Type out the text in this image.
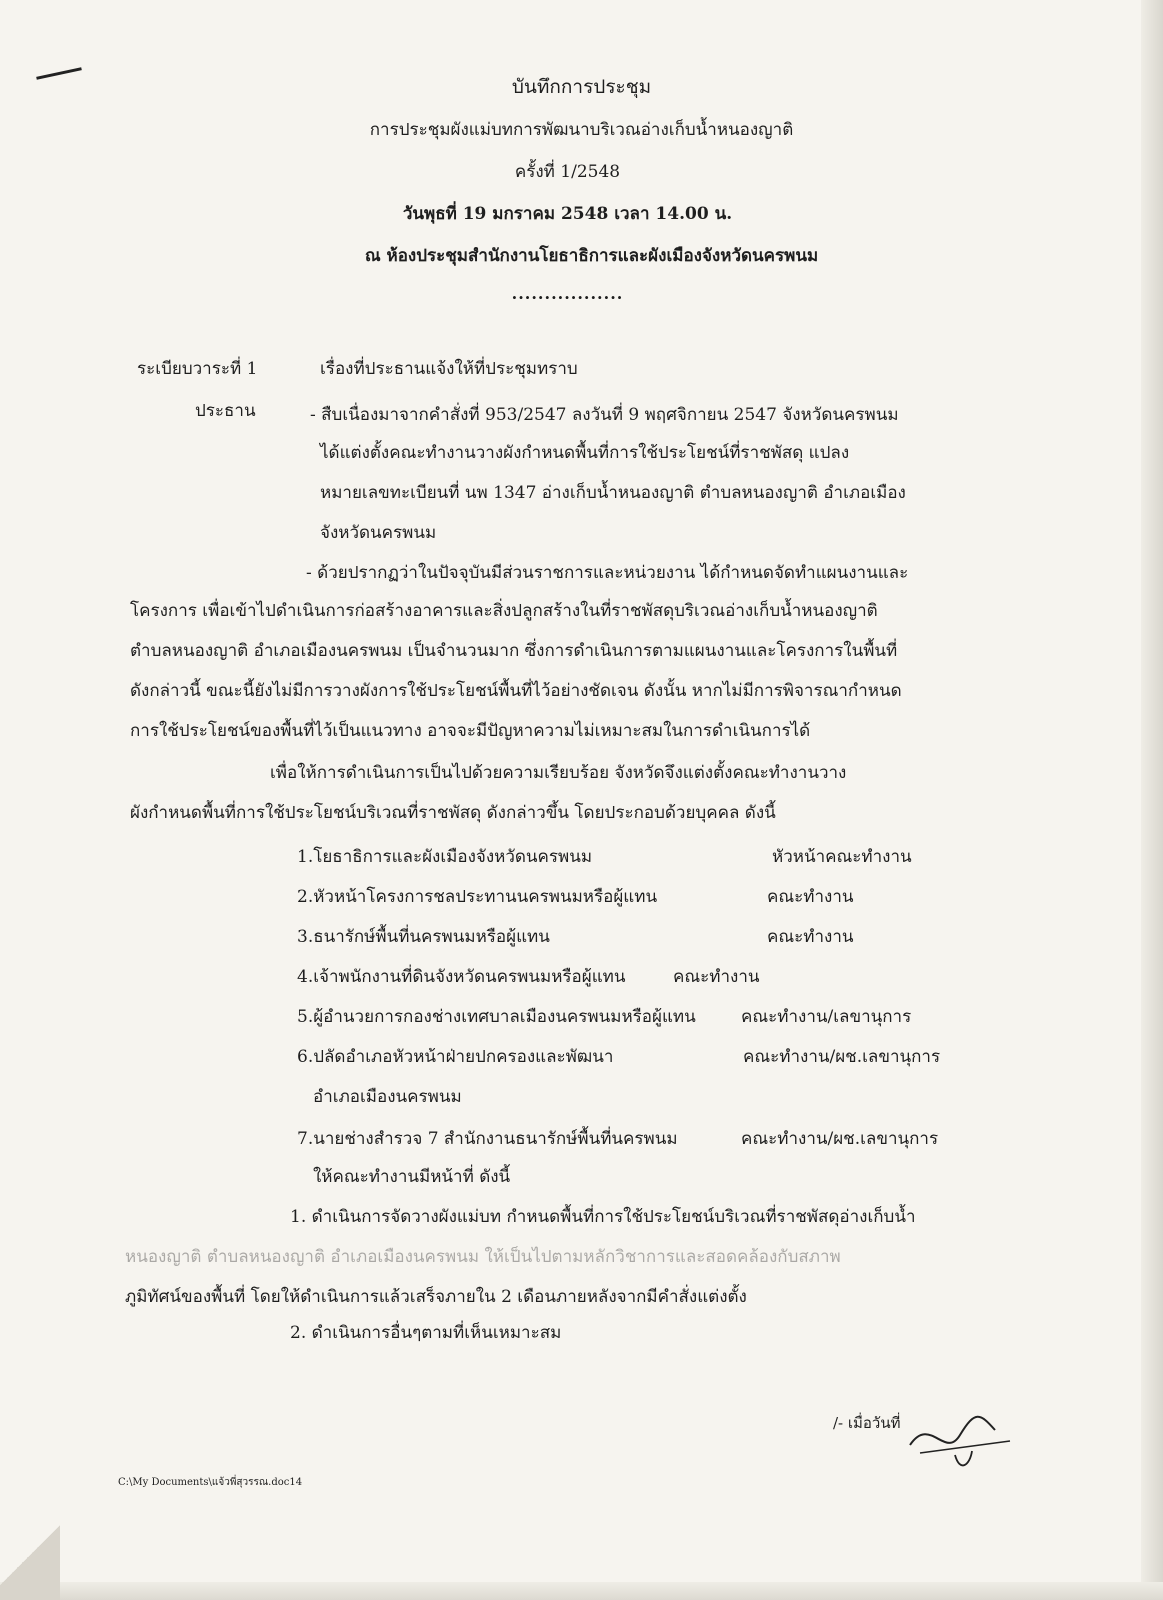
บันทึกการประชุม
การประชุมผังแม่บทการพัฒนาบริเวณอ่างเก็บน้ำหนองญาติ
ครั้งที่ 1/2548
วันพุธที่ 19 มกราคม 2548 เวลา 14.00 น.
ณ ห้องประชุมสำนักงานโยธาธิการและผังเมืองจังหวัดนครพนม
.................
ระเบียบวาระที่ 1	เรื่องที่ประธานแจ้งให้ที่ประชุมทราบ
ประธาน	- สืบเนื่องมาจากคำสั่งที่ 953/2547 ลงวันที่ 9 พฤศจิกายน 2547 จังหวัดนครพนม
ได้แต่งตั้งคณะทำงานวางผังกำหนดพื้นที่การใช้ประโยชน์ที่ราชพัสดุ แปลง
หมายเลขทะเบียนที่ นพ 1347 อ่างเก็บน้ำหนองญาติ ตำบลหนองญาติ อำเภอเมือง
จังหวัดนครพนม
- ด้วยปรากฏว่าในปัจจุบันมีส่วนราชการและหน่วยงาน ได้กำหนดจัดทำแผนงานและ
โครงการ เพื่อเข้าไปดำเนินการก่อสร้างอาคารและสิ่งปลูกสร้างในที่ราชพัสดุบริเวณอ่างเก็บน้ำหนองญาติ
ตำบลหนองญาติ อำเภอเมืองนครพนม เป็นจำนวนมาก ซึ่งการดำเนินการตามแผนงานและโครงการในพื้นที่
ดังกล่าวนี้ ขณะนี้ยังไม่มีการวางผังการใช้ประโยชน์พื้นที่ไว้อย่างชัดเจน ดังนั้น หากไม่มีการพิจารณากำหนด
การใช้ประโยชน์ของพื้นที่ไว้เป็นแนวทาง อาจจะมีปัญหาความไม่เหมาะสมในการดำเนินการได้
เพื่อให้การดำเนินการเป็นไปด้วยความเรียบร้อย จังหวัดจึงแต่งตั้งคณะทำงานวาง
ผังกำหนดพื้นที่การใช้ประโยชน์บริเวณที่ราชพัสดุ ดังกล่าวขึ้น โดยประกอบด้วยบุคคล ดังนี้
1.โยธาธิการและผังเมืองจังหวัดนครพนม	หัวหน้าคณะทำงาน
2.หัวหน้าโครงการชลประทานนครพนมหรือผู้แทน	คณะทำงาน
3.ธนารักษ์พื้นที่นครพนมหรือผู้แทน	คณะทำงาน
4.เจ้าพนักงานที่ดินจังหวัดนครพนมหรือผู้แทน	คณะทำงาน
5.ผู้อำนวยการกองช่างเทศบาลเมืองนครพนมหรือผู้แทน	คณะทำงาน/เลขานุการ
6.ปลัดอำเภอหัวหน้าฝ่ายปกครองและพัฒนา	คณะทำงาน/ผช.เลขานุการ
อำเภอเมืองนครพนม
7.นายช่างสำรวจ 7 สำนักงานธนารักษ์พื้นที่นครพนม	คณะทำงาน/ผช.เลขานุการ
ให้คณะทำงานมีหน้าที่ ดังนี้
1. ดำเนินการจัดวางผังแม่บท กำหนดพื้นที่การใช้ประโยชน์บริเวณที่ราชพัสดุอ่างเก็บน้ำ
หนองญาติ ตำบลหนองญาติ อำเภอเมืองนครพนม ให้เป็นไปตามหลักวิชาการและสอดคล้องกับสภาพ
ภูมิทัศน์ของพื้นที่ โดยให้ดำเนินการแล้วเสร็จภายใน 2 เดือนภายหลังจากมีคำสั่งแต่งตั้ง
2. ดำเนินการอื่นๆตามที่เห็นเหมาะสม
/- เมื่อวันที่
C:\My Documents\แจ้วพี่สุวรรณ.doc14
